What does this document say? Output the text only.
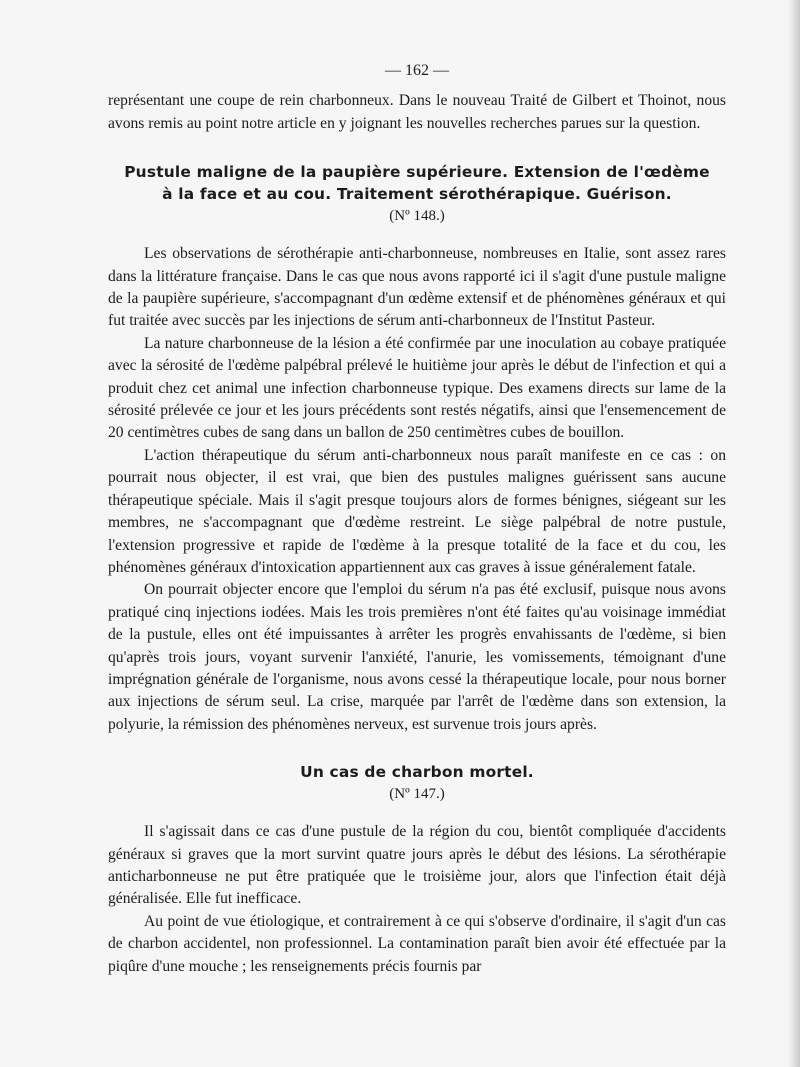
— 162 —

représentant une coupe de rein charbonneux. Dans le nouveau Traité de Gilbert et Thoinot, nous avons remis au point notre article en y joignant les nouvelles recherches parues sur la question.

Pustule maligne de la paupière supérieure. Extension de l'œdème
à la face et au cou. Traitement sérothérapique. Guérison.
(Nº 148.)

Les observations de sérothérapie anti-charbonneuse, nombreuses en Italie, sont assez rares dans la littérature française. Dans le cas que nous avons rapporté ici il s'agit d'une pustule maligne de la paupière supérieure, s'accompagnant d'un œdème extensif et de phénomènes généraux et qui fut traitée avec succès par les injections de sérum anti-charbonneux de l'Institut Pasteur.

La nature charbonneuse de la lésion a été confirmée par une inoculation au cobaye pratiquée avec la sérosité de l'œdème palpébral prélevé le huitième jour après le début de l'infection et qui a produit chez cet animal une infection charbonneuse typique. Des examens directs sur lame de la sérosité prélevée ce jour et les jours précédents sont restés négatifs, ainsi que l'ensemencement de 20 centimètres cubes de sang dans un ballon de 250 centimètres cubes de bouillon.

L'action thérapeutique du sérum anti-charbonneux nous paraît manifeste en ce cas : on pourrait nous objecter, il est vrai, que bien des pustules malignes guérissent sans aucune thérapeutique spéciale. Mais il s'agit presque toujours alors de formes bénignes, siégeant sur les membres, ne s'accompagnant que d'œdème restreint. Le siège palpébral de notre pustule, l'extension progressive et rapide de l'œdème à la presque totalité de la face et du cou, les phénomènes généraux d'intoxication appartiennent aux cas graves à issue généralement fatale.

On pourrait objecter encore que l'emploi du sérum n'a pas été exclusif, puisque nous avons pratiqué cinq injections iodées. Mais les trois premières n'ont été faites qu'au voisinage immédiat de la pustule, elles ont été impuissantes à arrêter les progrès envahissants de l'œdème, si bien qu'après trois jours, voyant survenir l'anxiété, l'anurie, les vomissements, témoignant d'une imprégnation générale de l'organisme, nous avons cessé la thérapeutique locale, pour nous borner aux injections de sérum seul. La crise, marquée par l'arrêt de l'œdème dans son extension, la polyurie, la rémission des phénomènes nerveux, est survenue trois jours après.

Un cas de charbon mortel.
(Nº 147.)

Il s'agissait dans ce cas d'une pustule de la région du cou, bientôt compliquée d'accidents généraux si graves que la mort survint quatre jours après le début des lésions. La sérothérapie anticharbonneuse ne put être pratiquée que le troisième jour, alors que l'infection était déjà généralisée. Elle fut inefficace.

Au point de vue étiologique, et contrairement à ce qui s'observe d'ordinaire, il s'agit d'un cas de charbon accidentel, non professionnel. La contamination paraît bien avoir été effectuée par la piqûre d'une mouche ; les renseignements précis fournis par
